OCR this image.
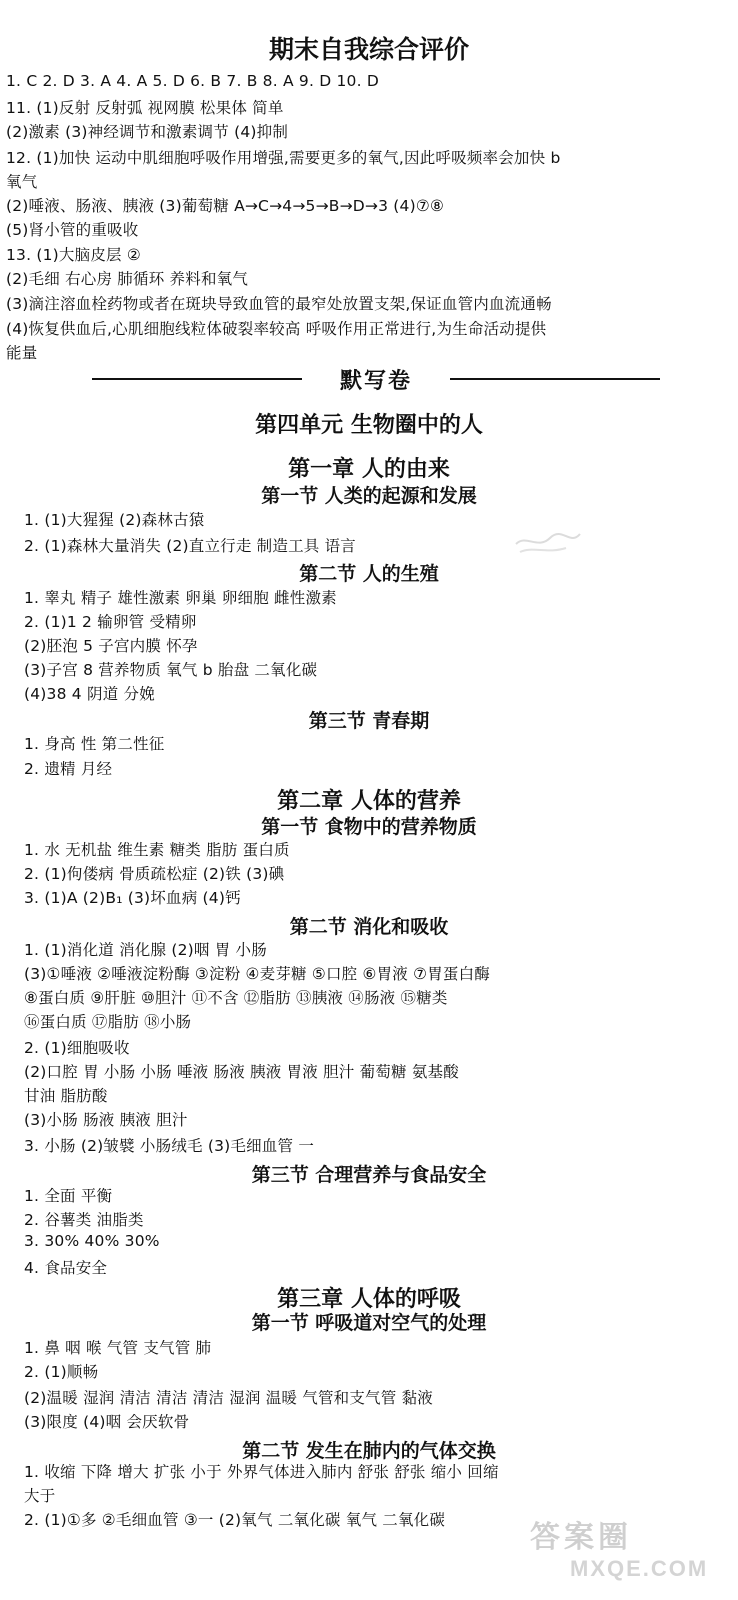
期末自我综合评价
1. C 2. D 3. A 4. A 5. D 6. B 7. B 8. A 9. D 10. D
11. (1)反射 反射弧 视网膜 松果体 简单
(2)激素 (3)神经调节和激素调节 (4)抑制
12. (1)加快 运动中肌细胞呼吸作用增强,需要更多的氧气,因此呼吸频率会加快 b
氧气
(2)唾液、肠液、胰液 (3)葡萄糖 A→C→4→5→B→D→3 (4)⑦⑧
(5)肾小管的重吸收
13. (1)大脑皮层 ②
(2)毛细 右心房 肺循环 养料和氧气
(3)滴注溶血栓药物或者在斑块导致血管的最窄处放置支架,保证血管内血流通畅
(4)恢复供血后,心肌细胞线粒体破裂率较高 呼吸作用正常进行,为生命活动提供
能量
默写卷
第四单元 生物圈中的人
第一章 人的由来
第一节 人类的起源和发展
1. (1)大猩猩 (2)森林古猿
2. (1)森林大量消失 (2)直立行走 制造工具 语言
第二节 人的生殖
1. 睾丸 精子 雄性激素 卵巢 卵细胞 雌性激素
2. (1)1 2 输卵管 受精卵
(2)胚泡 5 子宫内膜 怀孕
(3)子宫 8 营养物质 氧气 b 胎盘 二氧化碳
(4)38 4 阴道 分娩
第三节 青春期
1. 身高 性 第二性征
2. 遗精 月经
第二章 人体的营养
第一节 食物中的营养物质
1. 水 无机盐 维生素 糖类 脂肪 蛋白质
2. (1)佝偻病 骨质疏松症 (2)铁 (3)碘
3. (1)A (2)B₁ (3)坏血病 (4)钙
第二节 消化和吸收
1. (1)消化道 消化腺 (2)咽 胃 小肠
(3)①唾液 ②唾液淀粉酶 ③淀粉 ④麦芽糖 ⑤口腔 ⑥胃液 ⑦胃蛋白酶
⑧蛋白质 ⑨肝脏 ⑩胆汁 ⑪不含 ⑫脂肪 ⑬胰液 ⑭肠液 ⑮糖类
⑯蛋白质 ⑰脂肪 ⑱小肠
2. (1)细胞吸收
(2)口腔 胃 小肠 小肠 唾液 肠液 胰液 胃液 胆汁 葡萄糖 氨基酸
甘油 脂肪酸
(3)小肠 肠液 胰液 胆汁
3. 小肠 (2)皱襞 小肠绒毛 (3)毛细血管 一
第三节 合理营养与食品安全
1. 全面 平衡
2. 谷薯类 油脂类
3. 30% 40% 30%
4. 食品安全
第三章 人体的呼吸
第一节 呼吸道对空气的处理
1. 鼻 咽 喉 气管 支气管 肺
2. (1)顺畅
(2)温暖 湿润 清洁 清洁 清洁 湿润 温暖 气管和支气管 黏液
(3)限度 (4)咽 会厌软骨
第二节 发生在肺内的气体交换
1. 收缩 下降 增大 扩张 小于 外界气体进入肺内 舒张 舒张 缩小 回缩
大于
2. (1)①多 ②毛细血管 ③一 (2)氧气 二氧化碳 氧气 二氧化碳	答案圈
MXQE.COM
